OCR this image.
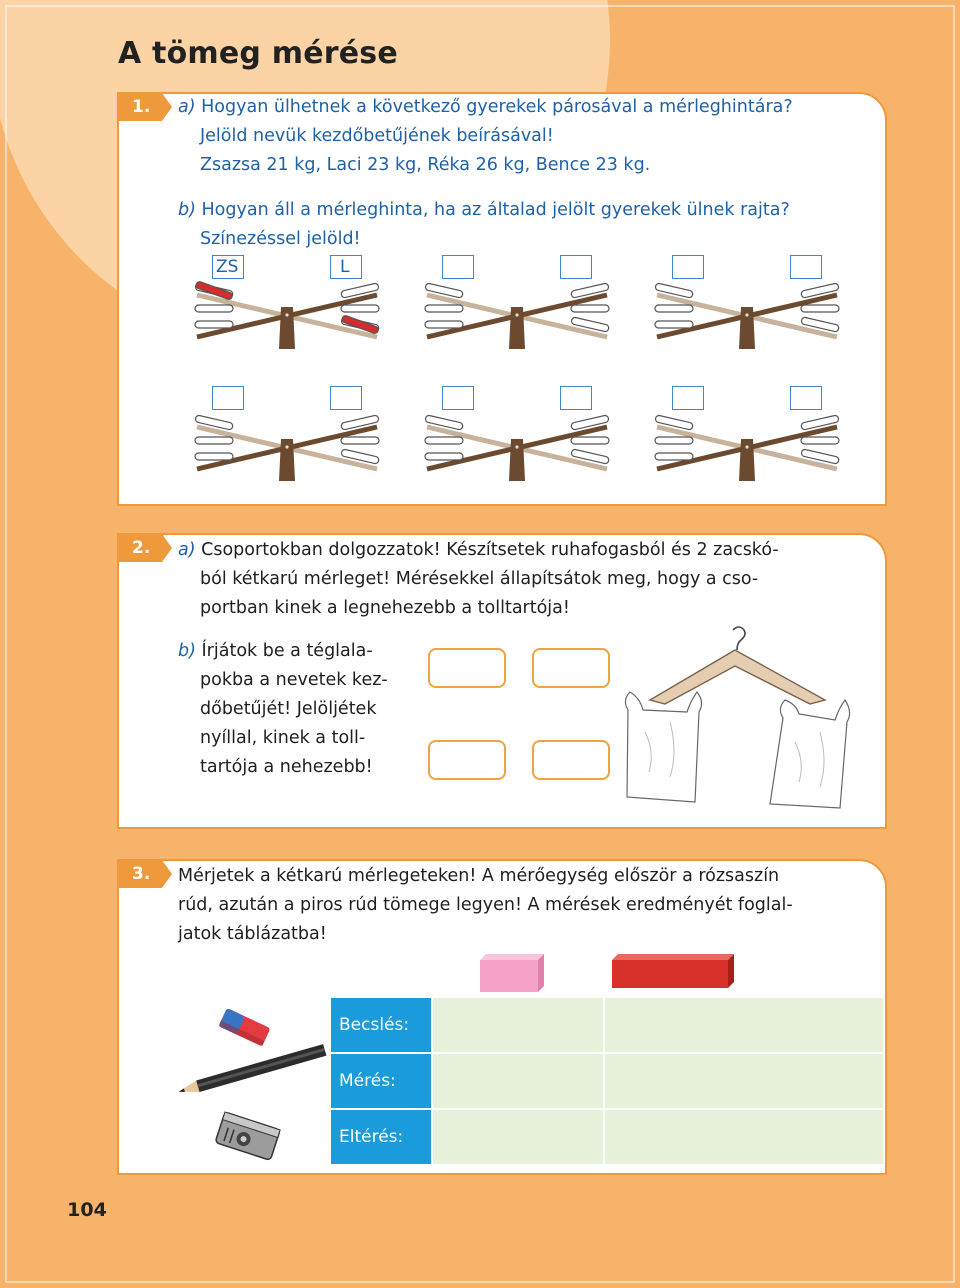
A tömeg mérése
1. a) Hogyan ülhetnek a következő gyerekek párosával a mérleghintára?
Jelöld nevük kezdőbetűjének beírásával!
Zsazsa 21 kg, Laci 23 kg, Réka 26 kg, Bence 23 kg.
b) Hogyan áll a mérleghinta, ha az általad jelölt gyerekek ülnek rajta?
Színezéssel jelöld!
ZS	L
2. a) Csoportokban dolgozzatok! Készítsetek ruhafogasból és 2 zacskó-
ból kétkarú mérleget! Mérésekkel állapítsátok meg, hogy a cso-
portban kinek a legnehezebb a tolltartója!
b) Írjátok be a téglala-
pokba a nevetek kez-
dőbetűjét! Jelöljétek
nyíllal, kinek a toll-
tartója a nehezebb!
3. Mérjetek a kétkarú mérlegeteken! A mérőegység először a rózsaszín
rúd, azután a piros rúd tömege legyen! A mérések eredményét foglal-
jatok táblázatba!
Becslés:
Mérés:
Eltérés:
104
